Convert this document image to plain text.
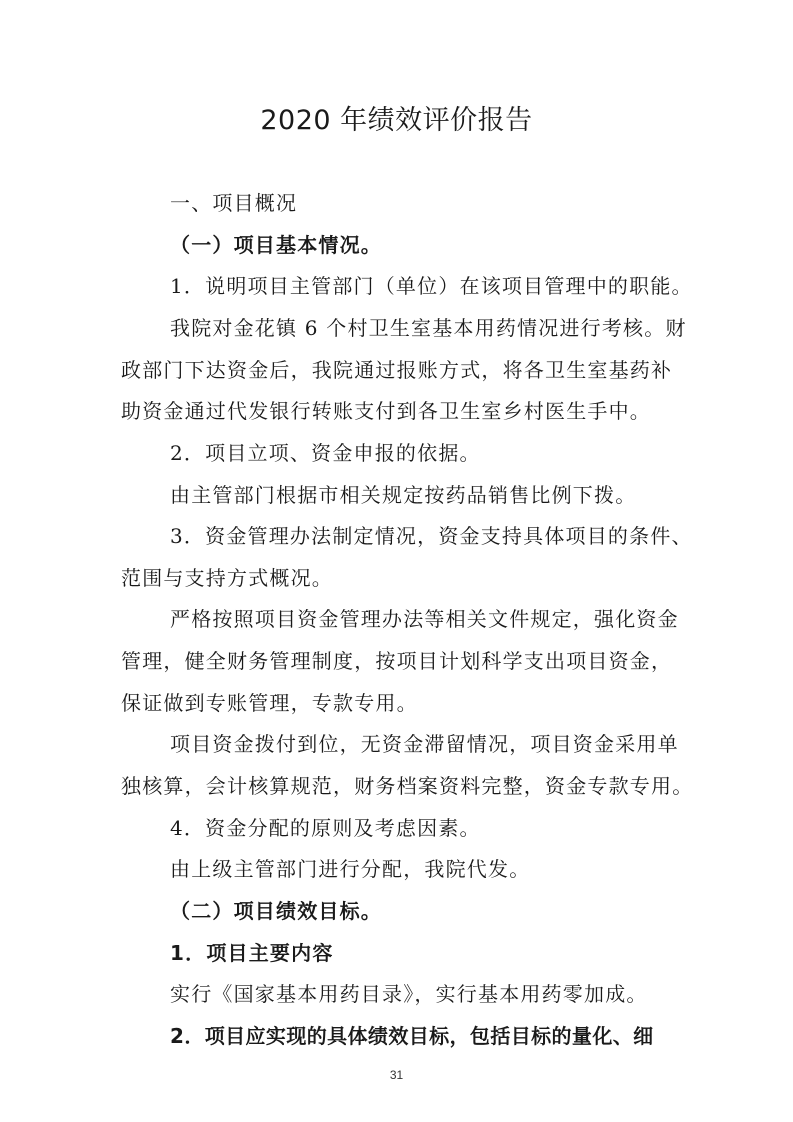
2020 年绩效评价报告
一、项目概况
（一）项目基本情况。
1．说明项目主管部门（单位）在该项目管理中的职能。
我院对金花镇 6 个村卫生室基本用药情况进行考核。财
政部门下达资金后，我院通过报账方式，将各卫生室基药补
助资金通过代发银行转账支付到各卫生室乡村医生手中。
2．项目立项、资金申报的依据。
由主管部门根据市相关规定按药品销售比例下拨。
3．资金管理办法制定情况，资金支持具体项目的条件、
范围与支持方式概况。
严格按照项目资金管理办法等相关文件规定，强化资金
管理，健全财务管理制度，按项目计划科学支出项目资金，
保证做到专账管理，专款专用。
项目资金拨付到位，无资金滞留情况，项目资金采用单
独核算，会计核算规范，财务档案资料完整，资金专款专用。
4．资金分配的原则及考虑因素。
由上级主管部门进行分配，我院代发。
（二）项目绩效目标。
1．项目主要内容
实行《国家基本用药目录》，实行基本用药零加成。
2．项目应实现的具体绩效目标，包括目标的量化、细
31
